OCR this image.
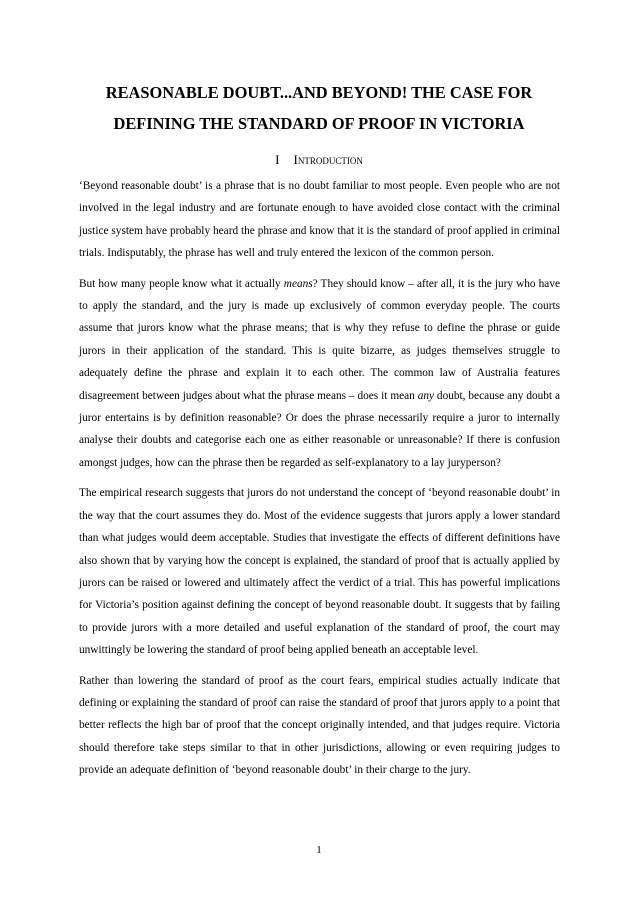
REASONABLE DOUBT...AND BEYOND! THE CASE FOR
DEFINING THE STANDARD OF PROOF IN VICTORIA
I Introduction

‘Beyond reasonable doubt’ is a phrase that is no doubt familiar to most people. Even people who are not involved in the legal industry and are fortunate enough to have avoided close contact with the criminal justice system have probably heard the phrase and know that it is the standard of proof applied in criminal trials. Indisputably, the phrase has well and truly entered the lexicon of the common person.

But how many people know what it actually means? They should know – after all, it is the jury who have to apply the standard, and the jury is made up exclusively of common everyday people. The courts assume that jurors know what the phrase means; that is why they refuse to define the phrase or guide jurors in their application of the standard. This is quite bizarre, as judges themselves struggle to adequately define the phrase and explain it to each other. The common law of Australia features disagreement between judges about what the phrase means – does it mean any doubt, because any doubt a juror entertains is by definition reasonable? Or does the phrase necessarily require a juror to internally analyse their doubts and categorise each one as either reasonable or unreasonable? If there is confusion amongst judges, how can the phrase then be regarded as self-explanatory to a lay juryperson?

The empirical research suggests that jurors do not understand the concept of ‘beyond reasonable doubt’ in the way that the court assumes they do. Most of the evidence suggests that jurors apply a lower standard than what judges would deem acceptable. Studies that investigate the effects of different definitions have also shown that by varying how the concept is explained, the standard of proof that is actually applied by jurors can be raised or lowered and ultimately affect the verdict of a trial. This has powerful implications for Victoria’s position against defining the concept of beyond reasonable doubt. It suggests that by failing to provide jurors with a more detailed and useful explanation of the standard of proof, the court may unwittingly be lowering the standard of proof being applied beneath an acceptable level.

Rather than lowering the standard of proof as the court fears, empirical studies actually indicate that defining or explaining the standard of proof can raise the standard of proof that jurors apply to a point that better reflects the high bar of proof that the concept originally intended, and that judges require. Victoria should therefore take steps similar to that in other jurisdictions, allowing or even requiring judges to provide an adequate definition of ‘beyond reasonable doubt’ in their charge to the jury.

1
